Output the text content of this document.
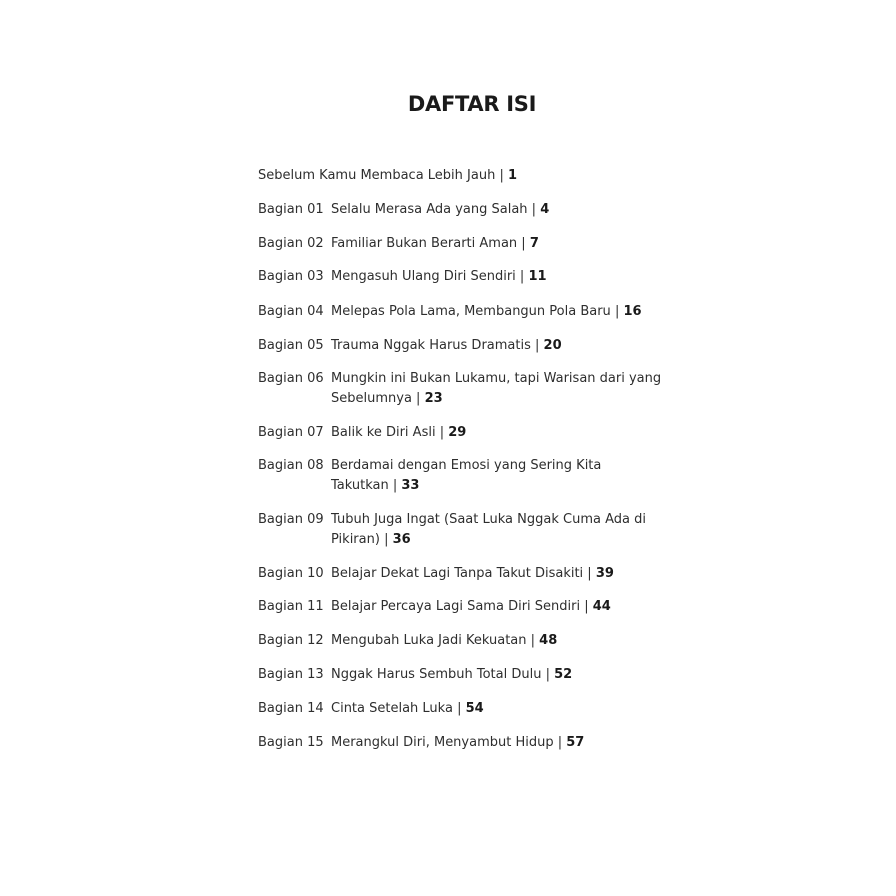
DAFTAR ISI
Sebelum Kamu Membaca Lebih Jauh | 1
Bagian 01 Selalu Merasa Ada yang Salah | 4
Bagian 02 Familiar Bukan Berarti Aman | 7
Bagian 03 Mengasuh Ulang Diri Sendiri | 11
Bagian 04 Melepas Pola Lama, Membangun Pola Baru | 16
Bagian 05 Trauma Nggak Harus Dramatis | 20
Bagian 06 Mungkin ini Bukan Lukamu, tapi Warisan dari yang
Sebelumnya | 23
Bagian 07 Balik ke Diri Asli | 29
Bagian 08 Berdamai dengan Emosi yang Sering Kita
Takutkan | 33
Bagian 09 Tubuh Juga Ingat (Saat Luka Nggak Cuma Ada di
Pikiran) | 36
Bagian 10 Belajar Dekat Lagi Tanpa Takut Disakiti | 39
Bagian 11 Belajar Percaya Lagi Sama Diri Sendiri | 44
Bagian 12 Mengubah Luka Jadi Kekuatan | 48
Bagian 13 Nggak Harus Sembuh Total Dulu | 52
Bagian 14 Cinta Setelah Luka | 54
Bagian 15 Merangkul Diri, Menyambut Hidup | 57
